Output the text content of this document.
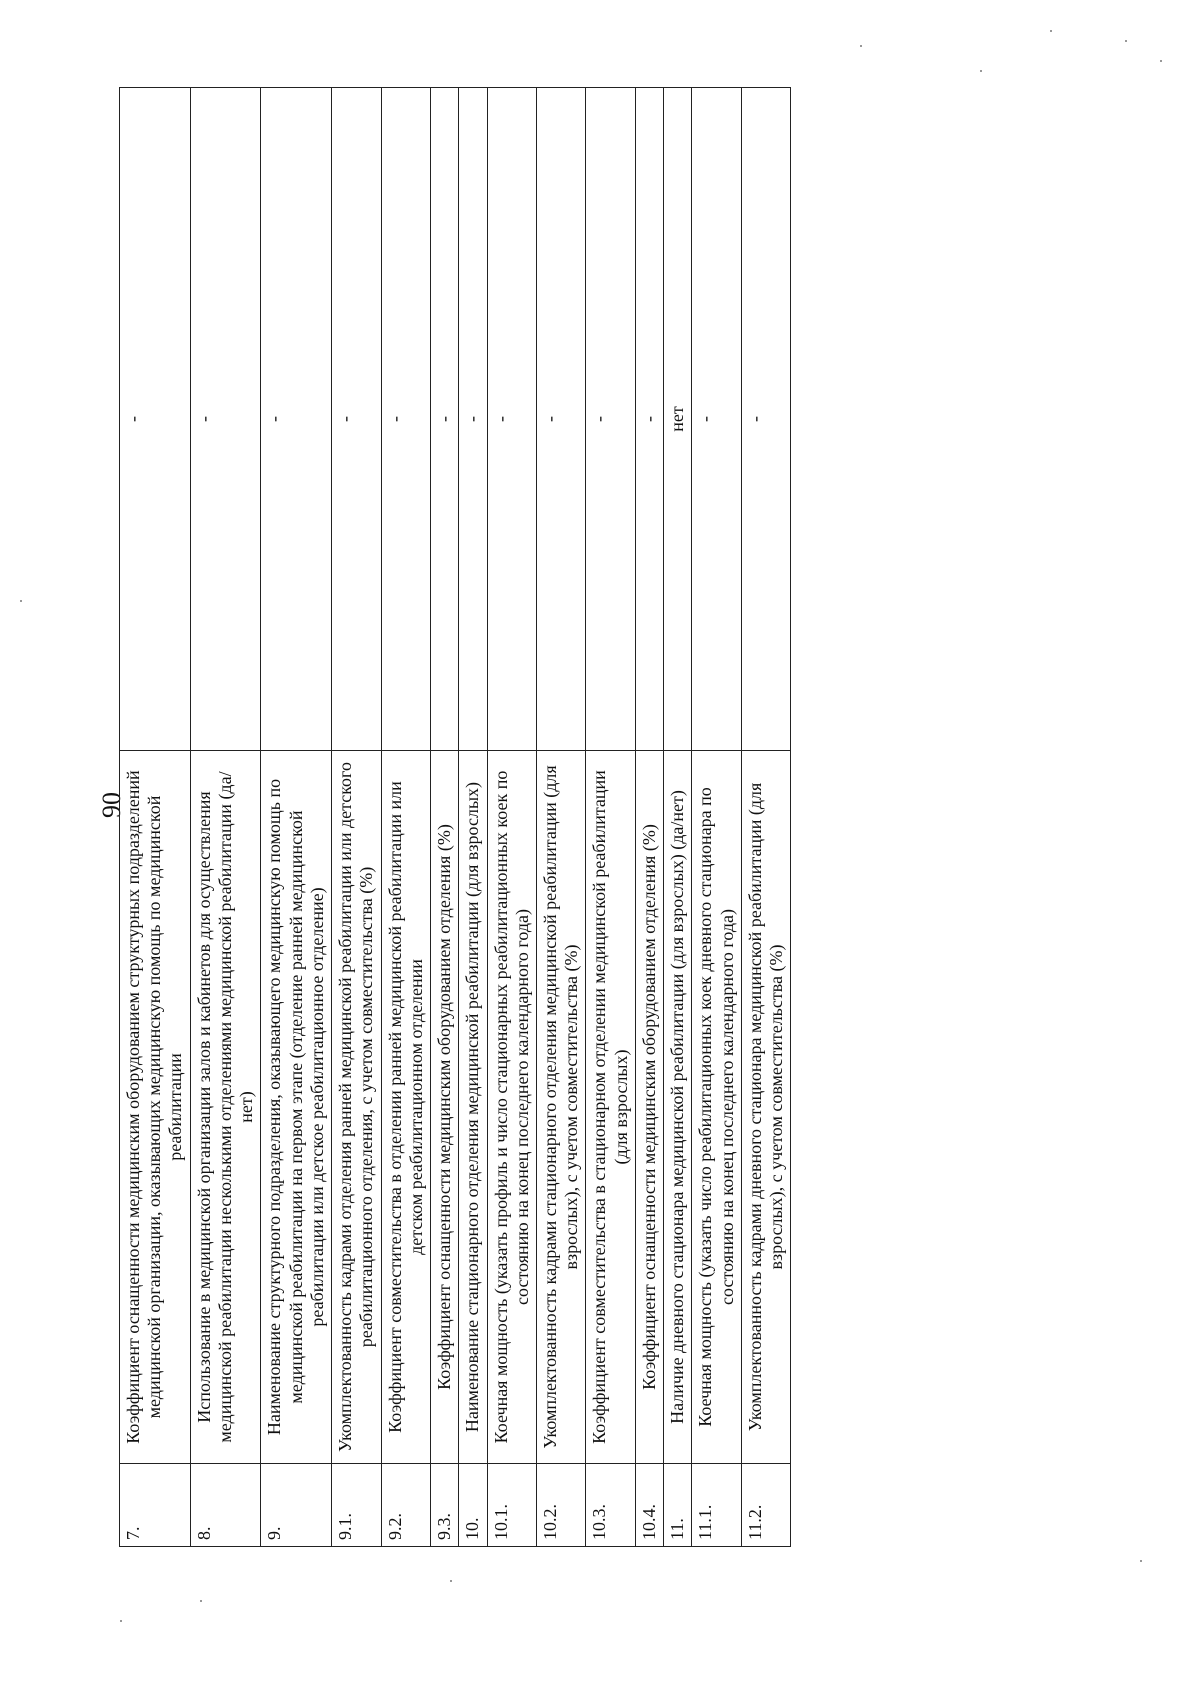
90
7.	Коэффициент оснащенности медицинским оборудованием структурных подразделений медицинской организации, оказывающих медицинскую помощь по медицинской реабилитации	-
8.	Использование в медицинской организации залов и кабинетов для осуществления медицинской реабилитации несколькими отделениями медицинской реабилитации (да/нет)	-
9.	Наименование структурного подразделения, оказывающего медицинскую помощь по медицинской реабилитации на первом этапе (отделение ранней медицинской реабилитации или детское реабилитационное отделение)	-
9.1.	Укомплектованность кадрами отделения ранней медицинской реабилитации или детского реабилитационного отделения, с учетом совместительства (%)	-
9.2.	Коэффициент совместительства в отделении ранней медицинской реабилитации или детском реабилитационном отделении	-
9.3.	Коэффициент оснащенности медицинским оборудованием отделения (%)	-
10.	Наименование стационарного отделения медицинской реабилитации (для взрослых)	-
10.1.	Коечная мощность (указать профиль и число стационарных реабилитационных коек по состоянию на конец последнего календарного года)	-
10.2.	Укомплектованность кадрами стационарного отделения медицинской реабилитации (для взрослых), с учетом совместительства (%)	-
10.3.	Коэффициент совместительства в стационарном отделении медицинской реабилитации (для взрослых)	-
10.4.	Коэффициент оснащенности медицинским оборудованием отделения (%)	-
11.	Наличие дневного стационара медицинской реабилитации (для взрослых) (да/нет)	нет
11.1.	Коечная мощность (указать число реабилитационных коек дневного стационара по состоянию на конец последнего календарного года)	-
11.2.	Укомплектованность кадрами дневного стационара медицинской реабилитации (для взрослых), с учетом совместительства (%)	-
